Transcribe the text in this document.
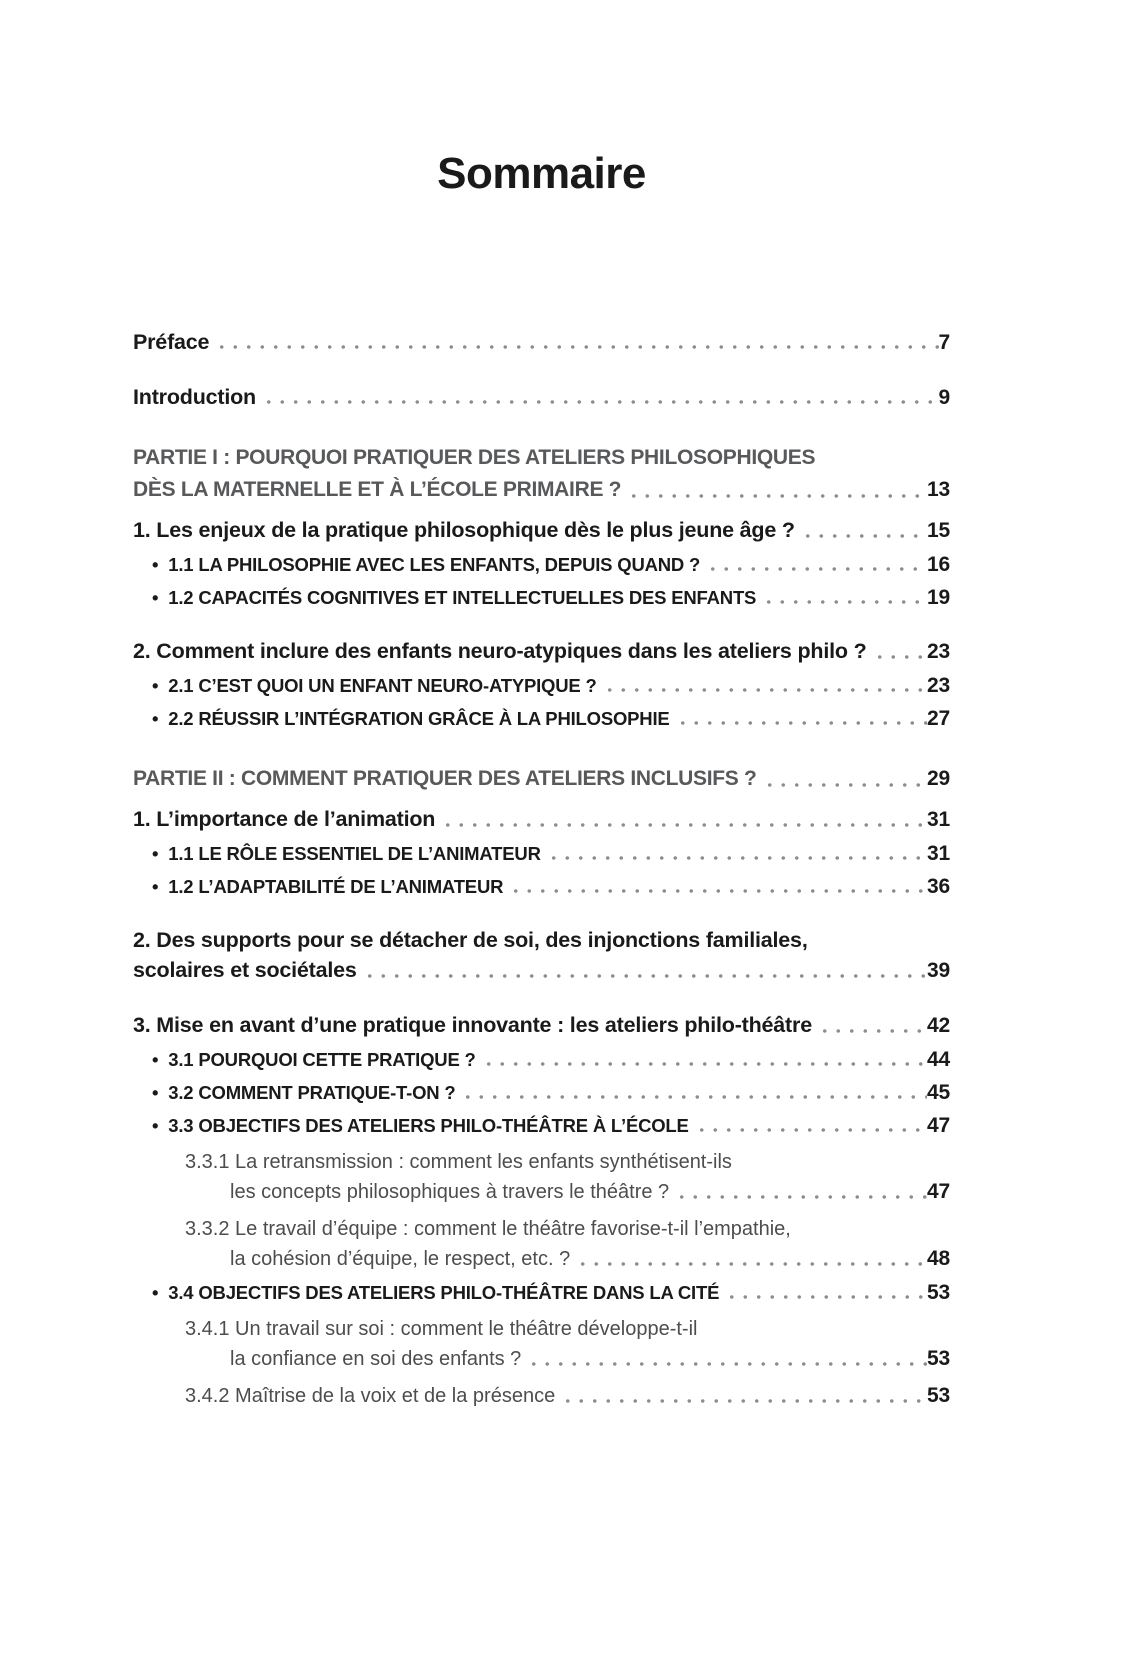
Sommaire
Préface	7
Introduction	9
PARTIE I : POURQUOI PRATIQUER DES ATELIERS PHILOSOPHIQUES
DÈS LA MATERNELLE ET À L’ÉCOLE PRIMAIRE ?	13
1. Les enjeux de la pratique philosophique dès le plus jeune âge ?	15
• 1.1 LA PHILOSOPHIE AVEC LES ENFANTS, DEPUIS QUAND ?	16
• 1.2 CAPACITÉS COGNITIVES ET INTELLECTUELLES DES ENFANTS	19
2. Comment inclure des enfants neuro-atypiques dans les ateliers philo ?	23
• 2.1 C’EST QUOI UN ENFANT NEURO-ATYPIQUE ?	23
• 2.2 RÉUSSIR L’INTÉGRATION GRÂCE À LA PHILOSOPHIE	27
PARTIE II : COMMENT PRATIQUER DES ATELIERS INCLUSIFS ?	29
1. L’importance de l’animation	31
• 1.1 LE RÔLE ESSENTIEL DE L’ANIMATEUR	31
• 1.2 L’ADAPTABILITÉ DE L’ANIMATEUR	36
2. Des supports pour se détacher de soi, des injonctions familiales,
scolaires et sociétales	39
3. Mise en avant d’une pratique innovante : les ateliers philo-théâtre	42
• 3.1 POURQUOI CETTE PRATIQUE ?	44
• 3.2 COMMENT PRATIQUE-T-ON ?	45
• 3.3 OBJECTIFS DES ATELIERS PHILO-THÉÂTRE À L’ÉCOLE	47
3.3.1 La retransmission : comment les enfants synthétisent-ils
les concepts philosophiques à travers le théâtre ?	47
3.3.2 Le travail d’équipe : comment le théâtre favorise-t-il l’empathie,
la cohésion d’équipe, le respect, etc. ?	48
• 3.4 OBJECTIFS DES ATELIERS PHILO-THÉÂTRE DANS LA CITÉ	53
3.4.1 Un travail sur soi : comment le théâtre développe-t-il
la confiance en soi des enfants ?	53
3.4.2 Maîtrise de la voix et de la présence	53
